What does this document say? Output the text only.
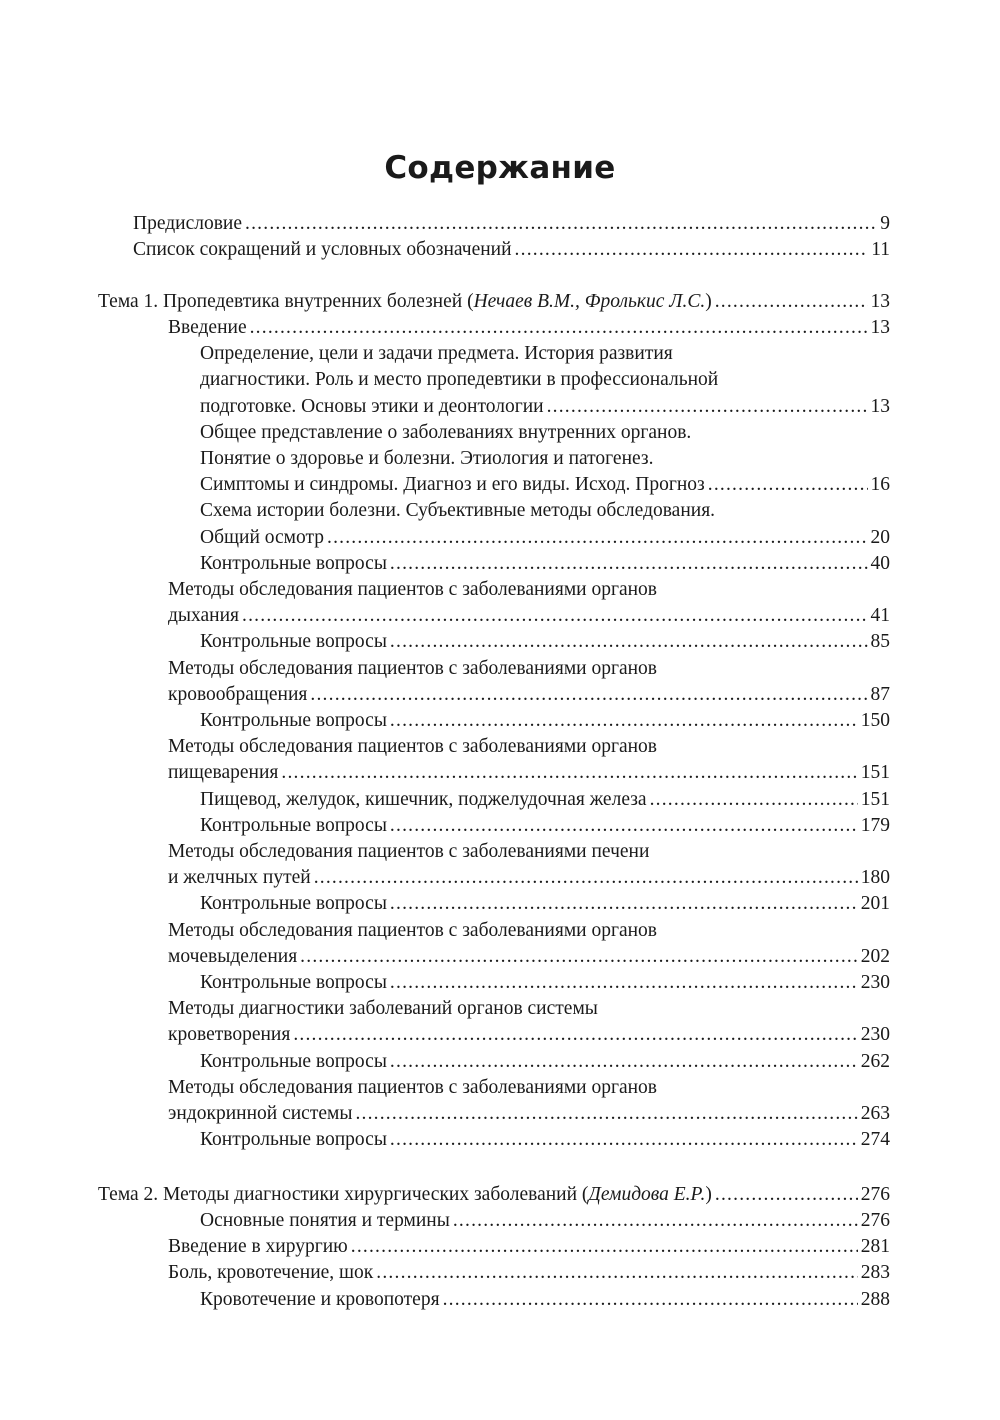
Содержание
Предисловие .....	9
Список сокращений и условных обозначений .....	11
Тема 1. Пропедевтика внутренних болезней (Нечаев В.М., Фролькис Л.С.) .....	13
Введение .....	13
Определение, цели и задачи предмета. История развития
диагностики. Роль и место пропедевтики в профессиональной
подготовке. Основы этики и деонтологии .....	13
Общее представление о заболеваниях внутренних органов.
Понятие о здоровье и болезни. Этиология и патогенез.
Симптомы и синдромы. Диагноз и его виды. Исход. Прогноз .....	16
Схема истории болезни. Субъективные методы обследования.
Общий осмотр .....	20
Контрольные вопросы .....	40
Методы обследования пациентов с заболеваниями органов
дыхания .....	41
Контрольные вопросы .....	85
Методы обследования пациентов с заболеваниями органов
кровообращения .....	87
Контрольные вопросы .....	150
Методы обследования пациентов с заболеваниями органов
пищеварения .....	151
Пищевод, желудок, кишечник, поджелудочная железа .....	151
Контрольные вопросы .....	179
Методы обследования пациентов с заболеваниями печени
и желчных путей .....	180
Контрольные вопросы .....	201
Методы обследования пациентов с заболеваниями органов
мочевыделения .....	202
Контрольные вопросы .....	230
Методы диагностики заболеваний органов системы
кроветворения .....	230
Контрольные вопросы .....	262
Методы обследования пациентов с заболеваниями органов
эндокринной системы .....	263
Контрольные вопросы .....	274
Тема 2. Методы диагностики хирургических заболеваний (Демидова Е.Р.) .....	276
Основные понятия и термины .....	276
Введение в хирургию .....	281
Боль, кровотечение, шок .....	283
Кровотечение и кровопотеря .....	288
